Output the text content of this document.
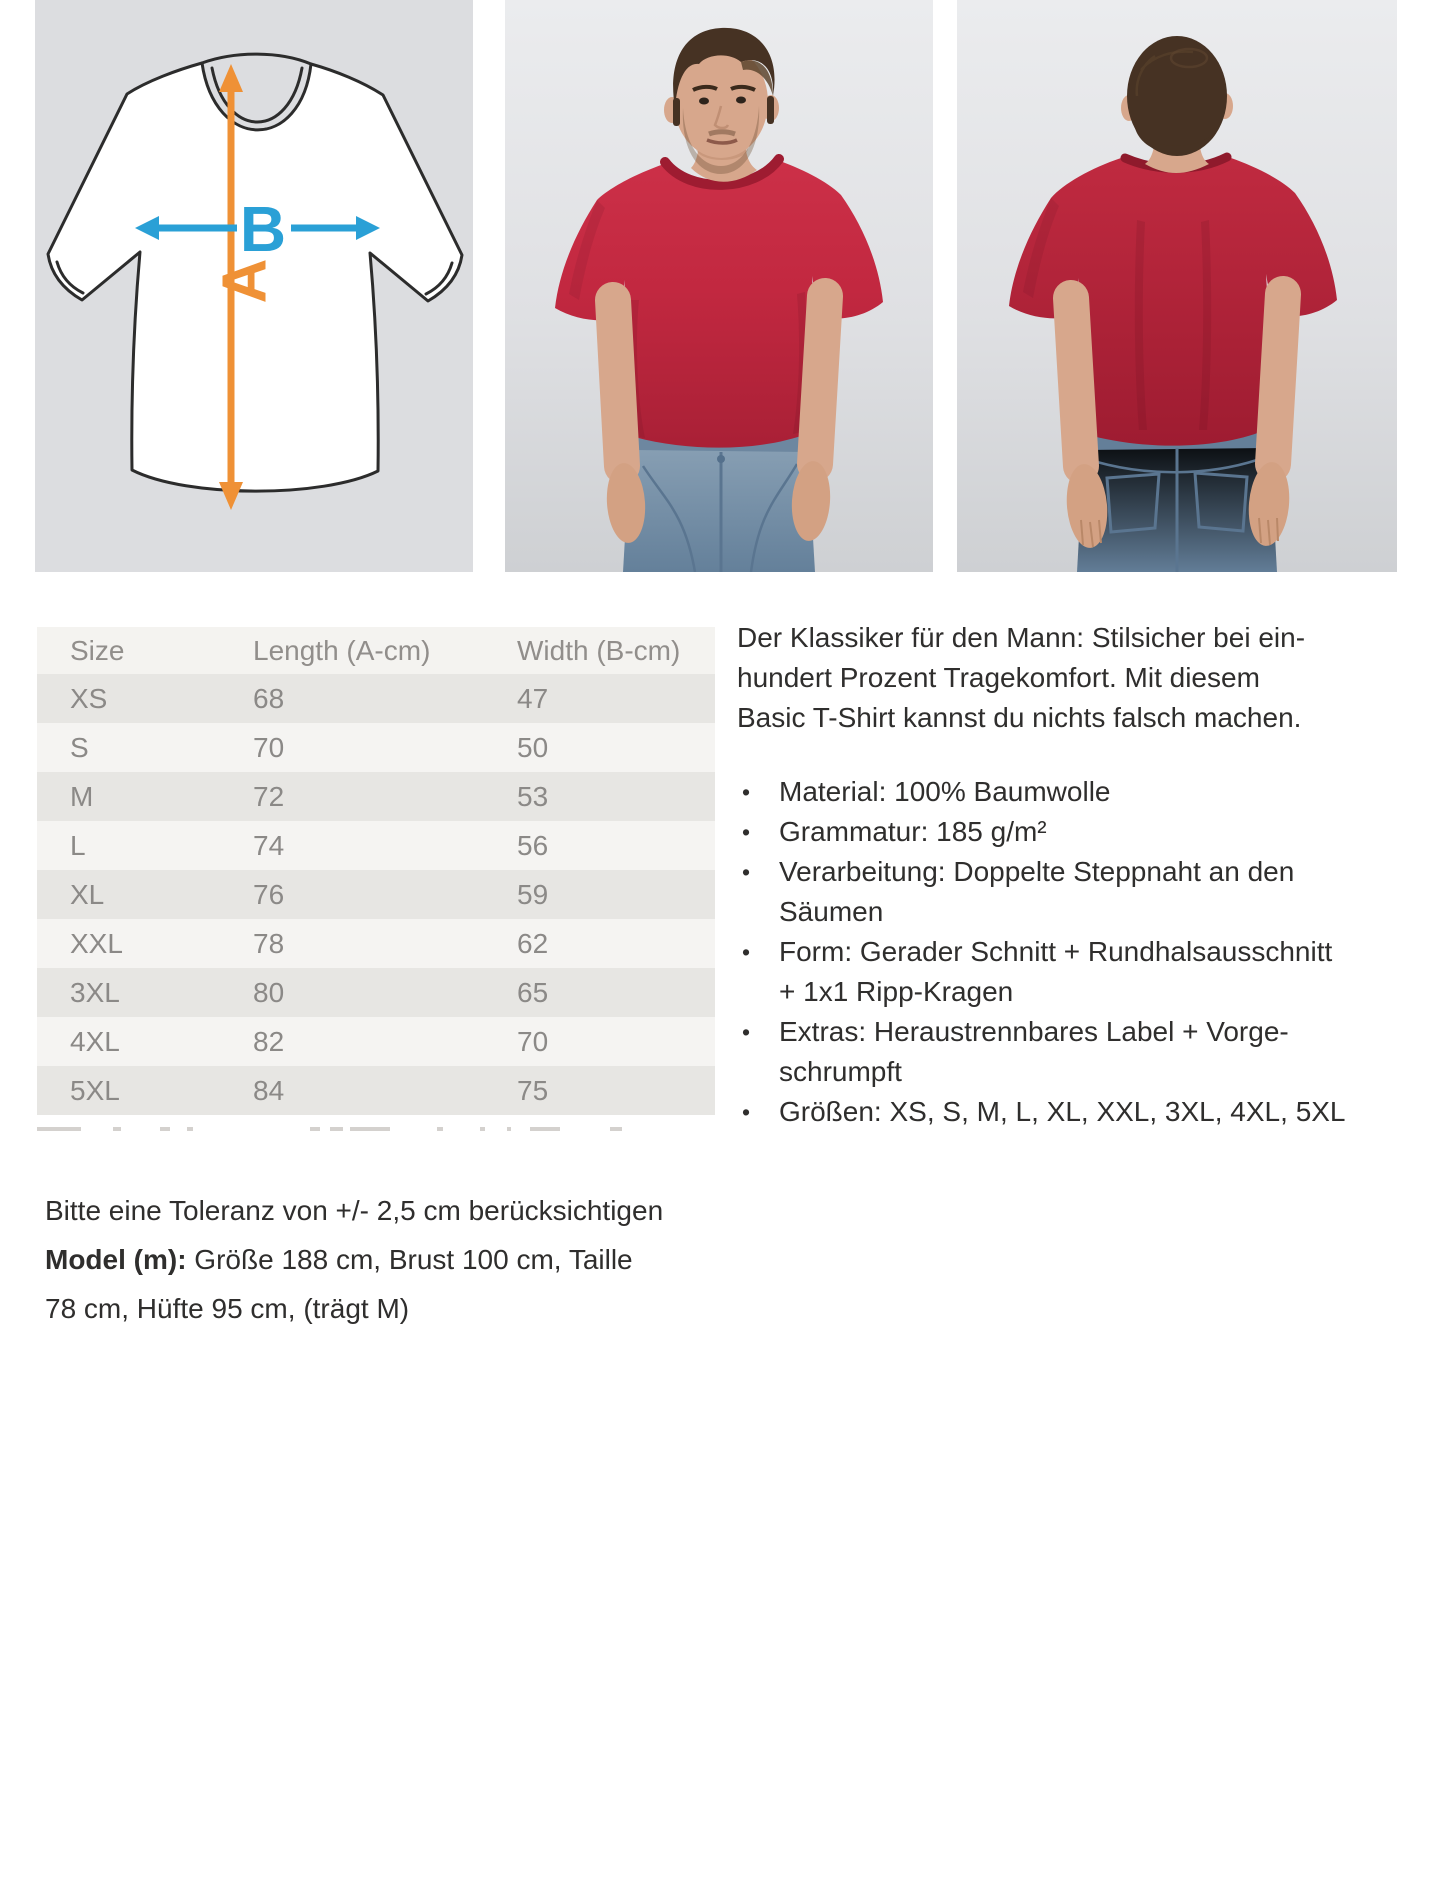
A
B
Size	Length (A-cm)	Width (B-cm)
XS	68	47
S	70	50
M	72	53
L	74	56
XL	76	59
XXL	78	62
3XL	80	65
4XL	82	70
5XL	84	75
Der Klassiker für den Mann: Stilsicher bei ein-
hundert Prozent Tragekomfort. Mit diesem
Basic T-Shirt kannst du nichts falsch machen.
•	Material: 100% Baumwolle
•	Grammatur: 185 g/m²
•	Verarbeitung: Doppelte Steppnaht an den
Säumen
•	Form: Gerader Schnitt + Rundhalsausschnitt
+ 1x1 Ripp-Kragen
•	Extras: Heraustrennbares Label + Vorge-
schrumpft
•	Größen: XS, S, M, L, XL, XXL, 3XL, 4XL, 5XL
Bitte eine Toleranz von +/- 2,5 cm berücksichtigen
Model (m): Größe 188 cm, Brust 100 cm, Taille
78 cm, Hüfte 95 cm, (trägt M)
